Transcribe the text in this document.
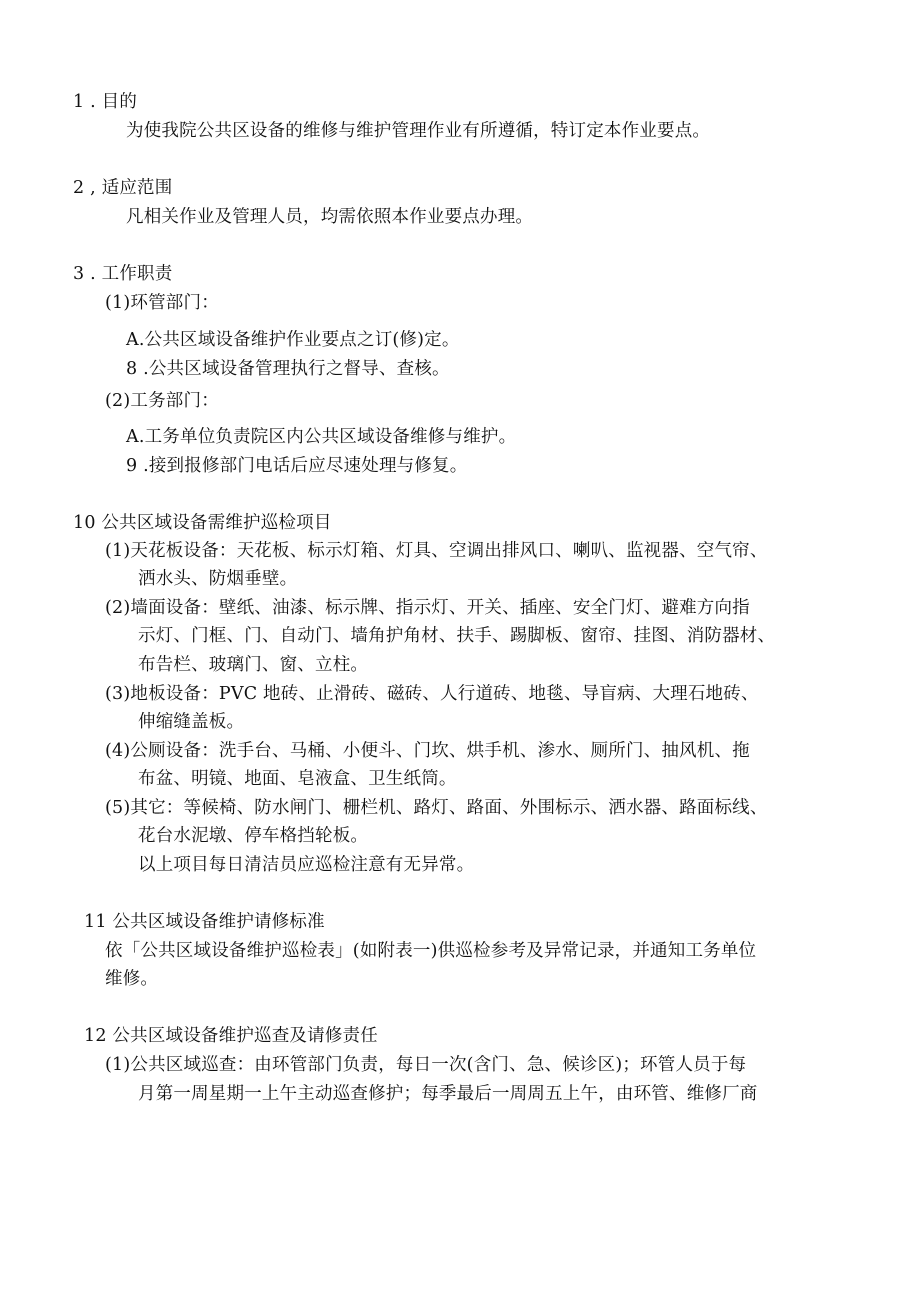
1 . 目的
为使我院公共区设备的维修与维护管理作业有所遵循，特订定本作业要点。
2 , 适应范围
凡相关作业及管理人员，均需依照本作业要点办理。
3 . 工作职责
(1)环管部门：
A.公共区域设备维护作业要点之订(修)定。
8 .公共区域设备管理执行之督导、查核。
(2)工务部门：
A.工务单位负责院区内公共区域设备维修与维护。
9 .接到报修部门电话后应尽速处理与修复。
10 公共区域设备需维护巡检项目
(1)天花板设备：天花板、标示灯箱、灯具、空调出排风口、喇叭、监视器、空气帘、
洒水头、防烟垂壁。
(2)墙面设备：壁纸、油漆、标示牌、指示灯、开关、插座、安全门灯、避难方向指
示灯、门框、门、自动门、墙角护角材、扶手、踢脚板、窗帘、挂图、消防器材、
布告栏、玻璃门、窗、立柱。
(3)地板设备：PVC 地砖、止滑砖、磁砖、人行道砖、地毯、导盲病、大理石地砖、
伸缩缝盖板。
(4)公厕设备：洗手台、马桶、小便斗、门坎、烘手机、渗水、厕所门、抽风机、拖
布盆、明镜、地面、皂液盒、卫生纸筒。
(5)其它：等候椅、防水闸门、栅栏机、路灯、路面、外围标示、洒水器、路面标线、
花台水泥墩、停车格挡轮板。
以上项目每日清洁员应巡检注意有无异常。
11 公共区域设备维护请修标准
依「公共区域设备维护巡检表」(如附表一)供巡检参考及异常记录，并通知工务单位
维修。
12 公共区域设备维护巡查及请修责任
(1)公共区域巡查：由环管部门负责，每日一次(含门、急、候诊区)；环管人员于每
月第一周星期一上午主动巡查修护；每季最后一周周五上午，由环管、维修厂商
